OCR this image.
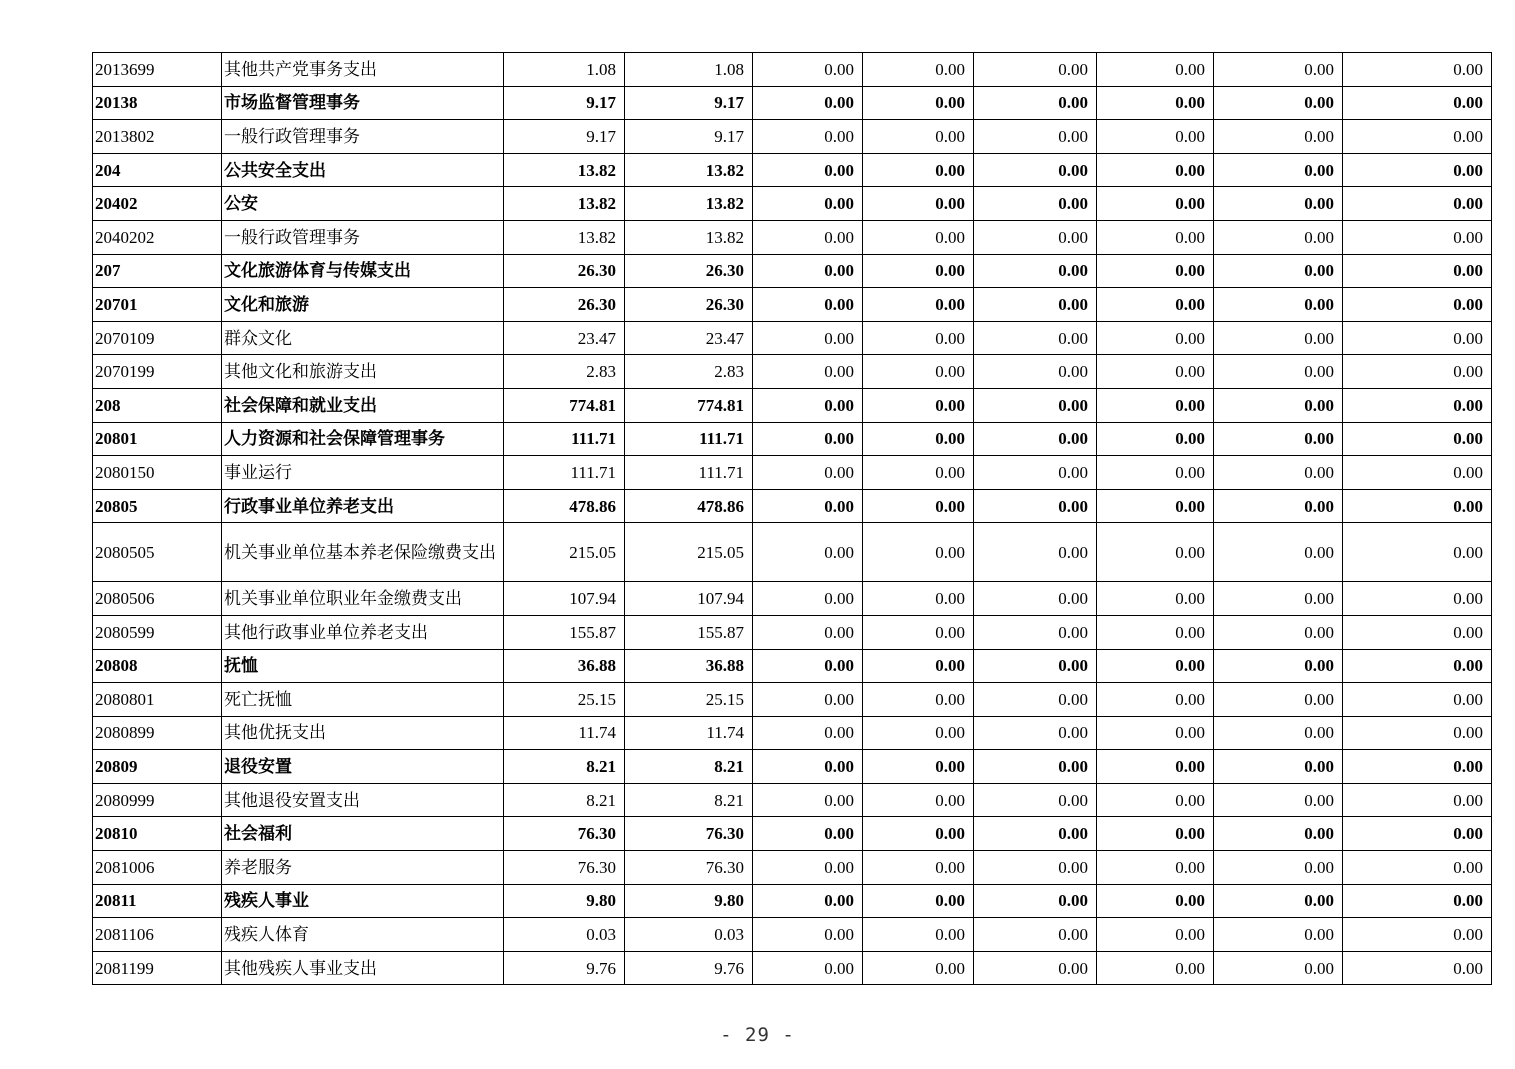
2013699	其他共产党事务支出	1.08	1.08	0.00	0.00	0.00	0.00	0.00	0.00
20138	市场监督管理事务	9.17	9.17	0.00	0.00	0.00	0.00	0.00	0.00
2013802	一般行政管理事务	9.17	9.17	0.00	0.00	0.00	0.00	0.00	0.00
204	公共安全支出	13.82	13.82	0.00	0.00	0.00	0.00	0.00	0.00
20402	公安	13.82	13.82	0.00	0.00	0.00	0.00	0.00	0.00
2040202	一般行政管理事务	13.82	13.82	0.00	0.00	0.00	0.00	0.00	0.00
207	文化旅游体育与传媒支出	26.30	26.30	0.00	0.00	0.00	0.00	0.00	0.00
20701	文化和旅游	26.30	26.30	0.00	0.00	0.00	0.00	0.00	0.00
2070109	群众文化	23.47	23.47	0.00	0.00	0.00	0.00	0.00	0.00
2070199	其他文化和旅游支出	2.83	2.83	0.00	0.00	0.00	0.00	0.00	0.00
208	社会保障和就业支出	774.81	774.81	0.00	0.00	0.00	0.00	0.00	0.00
20801	人力资源和社会保障管理事务	111.71	111.71	0.00	0.00	0.00	0.00	0.00	0.00
2080150	事业运行	111.71	111.71	0.00	0.00	0.00	0.00	0.00	0.00
20805	行政事业单位养老支出	478.86	478.86	0.00	0.00	0.00	0.00	0.00	0.00
2080505	机关事业单位基本养老保险缴费支出	215.05	215.05	0.00	0.00	0.00	0.00	0.00	0.00
2080506	机关事业单位职业年金缴费支出	107.94	107.94	0.00	0.00	0.00	0.00	0.00	0.00
2080599	其他行政事业单位养老支出	155.87	155.87	0.00	0.00	0.00	0.00	0.00	0.00
20808	抚恤	36.88	36.88	0.00	0.00	0.00	0.00	0.00	0.00
2080801	死亡抚恤	25.15	25.15	0.00	0.00	0.00	0.00	0.00	0.00
2080899	其他优抚支出	11.74	11.74	0.00	0.00	0.00	0.00	0.00	0.00
20809	退役安置	8.21	8.21	0.00	0.00	0.00	0.00	0.00	0.00
2080999	其他退役安置支出	8.21	8.21	0.00	0.00	0.00	0.00	0.00	0.00
20810	社会福利	76.30	76.30	0.00	0.00	0.00	0.00	0.00	0.00
2081006	养老服务	76.30	76.30	0.00	0.00	0.00	0.00	0.00	0.00
20811	残疾人事业	9.80	9.80	0.00	0.00	0.00	0.00	0.00	0.00
2081106	残疾人体育	0.03	0.03	0.00	0.00	0.00	0.00	0.00	0.00
2081199	其他残疾人事业支出	9.76	9.76	0.00	0.00	0.00	0.00	0.00	0.00
- 29 -
